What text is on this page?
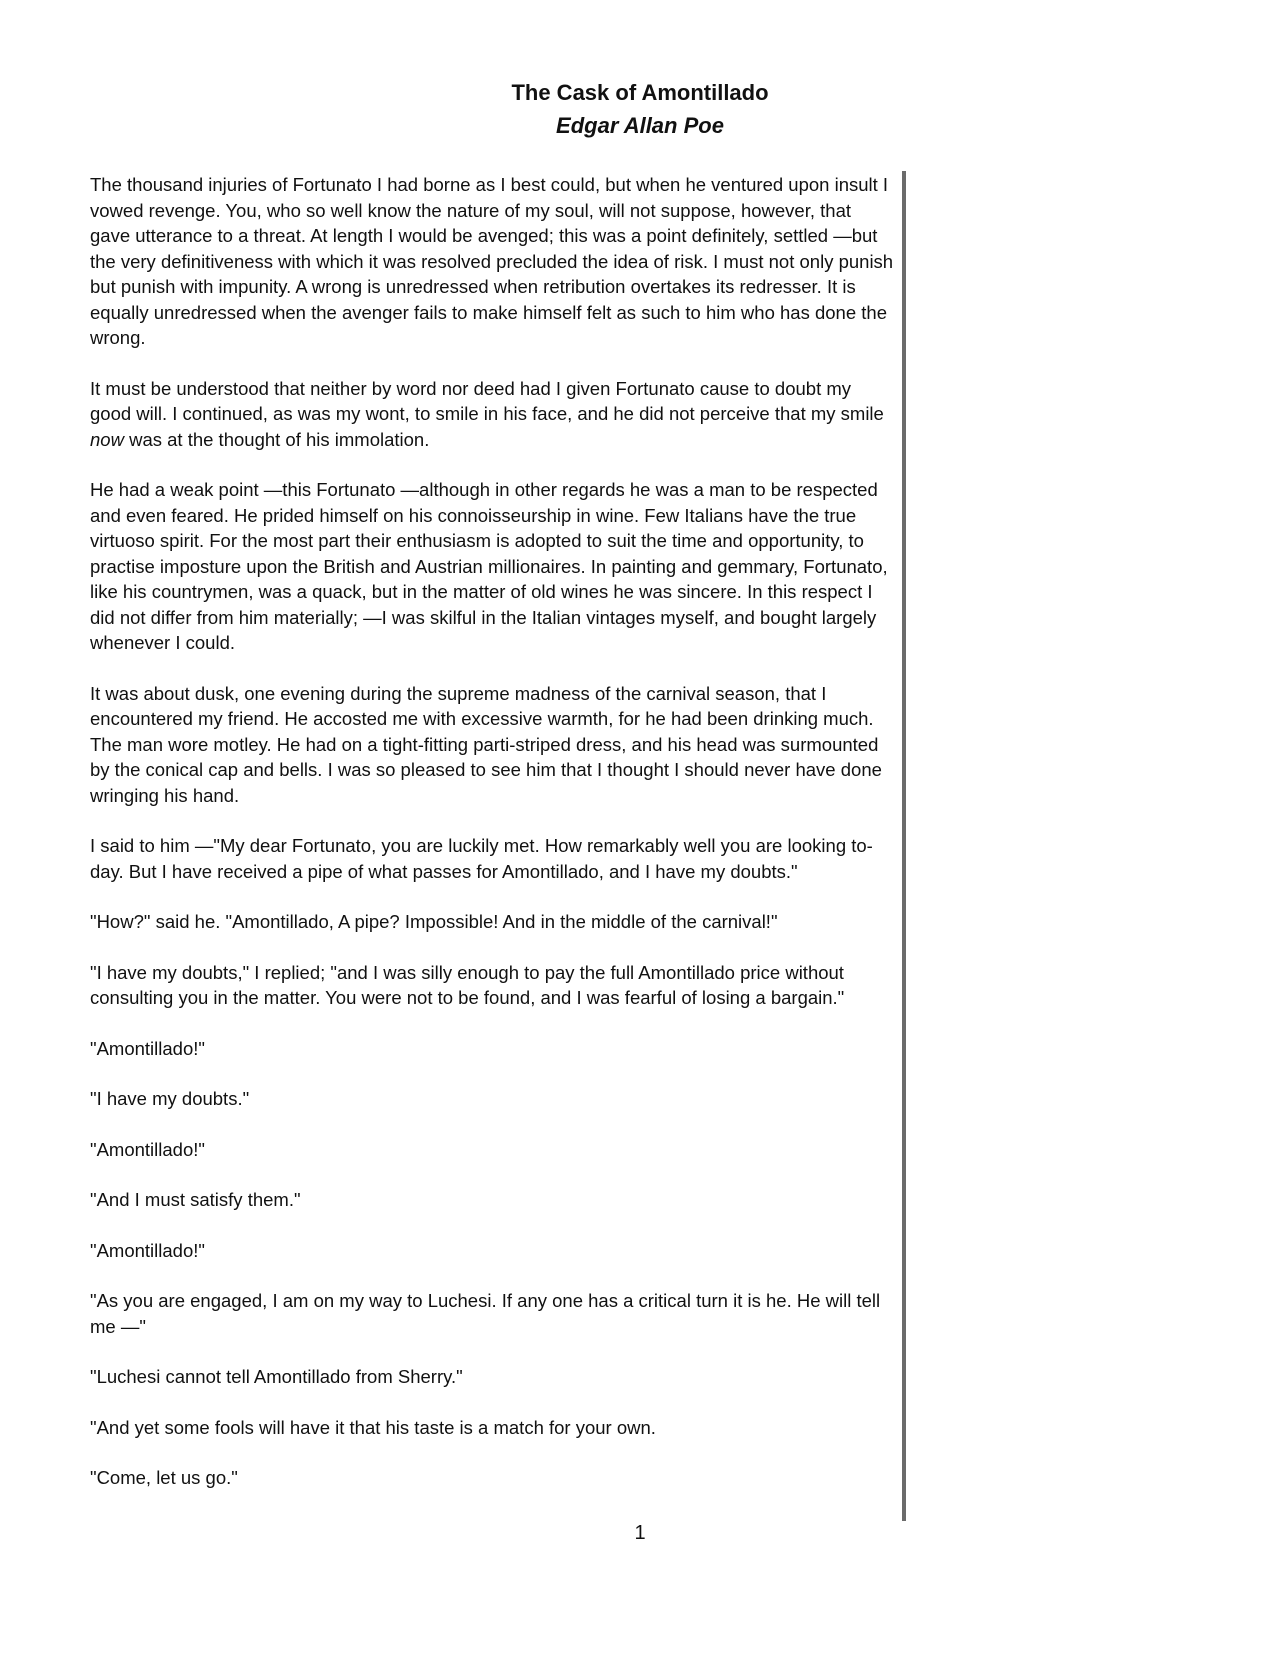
The Cask of Amontillado

Edgar Allan Poe

The thousand injuries of Fortunato I had borne as I best could, but when he ventured upon insult I vowed revenge. You, who so well know the nature of my soul, will not suppose, however, that gave utterance to a threat. At length I would be avenged; this was a point definitely, settled —but the very definitiveness with which it was resolved precluded the idea of risk. I must not only punish but punish with impunity. A wrong is unredressed when retribution overtakes its redresser. It is equally unredressed when the avenger fails to make himself felt as such to him who has done the wrong.

It must be understood that neither by word nor deed had I given Fortunato cause to doubt my good will. I continued, as was my wont, to smile in his face, and he did not perceive that my smile now was at the thought of his immolation.

He had a weak point —this Fortunato —although in other regards he was a man to be respected and even feared. He prided himself on his connoisseurship in wine. Few Italians have the true virtuoso spirit. For the most part their enthusiasm is adopted to suit the time and opportunity, to practise imposture upon the British and Austrian millionaires. In painting and gemmary, Fortunato, like his countrymen, was a quack, but in the matter of old wines he was sincere. In this respect I did not differ from him materially; —I was skilful in the Italian vintages myself, and bought largely whenever I could.

It was about dusk, one evening during the supreme madness of the carnival season, that I encountered my friend. He accosted me with excessive warmth, for he had been drinking much. The man wore motley. He had on a tight-fitting parti-striped dress, and his head was surmounted by the conical cap and bells. I was so pleased to see him that I thought I should never have done wringing his hand.

I said to him —"My dear Fortunato, you are luckily met. How remarkably well you are looking to-day. But I have received a pipe of what passes for Amontillado, and I have my doubts."

"How?" said he. "Amontillado, A pipe? Impossible! And in the middle of the carnival!"

"I have my doubts," I replied; "and I was silly enough to pay the full Amontillado price without consulting you in the matter. You were not to be found, and I was fearful of losing a bargain."

"Amontillado!"

"I have my doubts."

"Amontillado!"

"And I must satisfy them."

"Amontillado!"

"As you are engaged, I am on my way to Luchesi. If any one has a critical turn it is he. He will tell me —"

"Luchesi cannot tell Amontillado from Sherry."

"And yet some fools will have it that his taste is a match for your own.

"Come, let us go."

1
